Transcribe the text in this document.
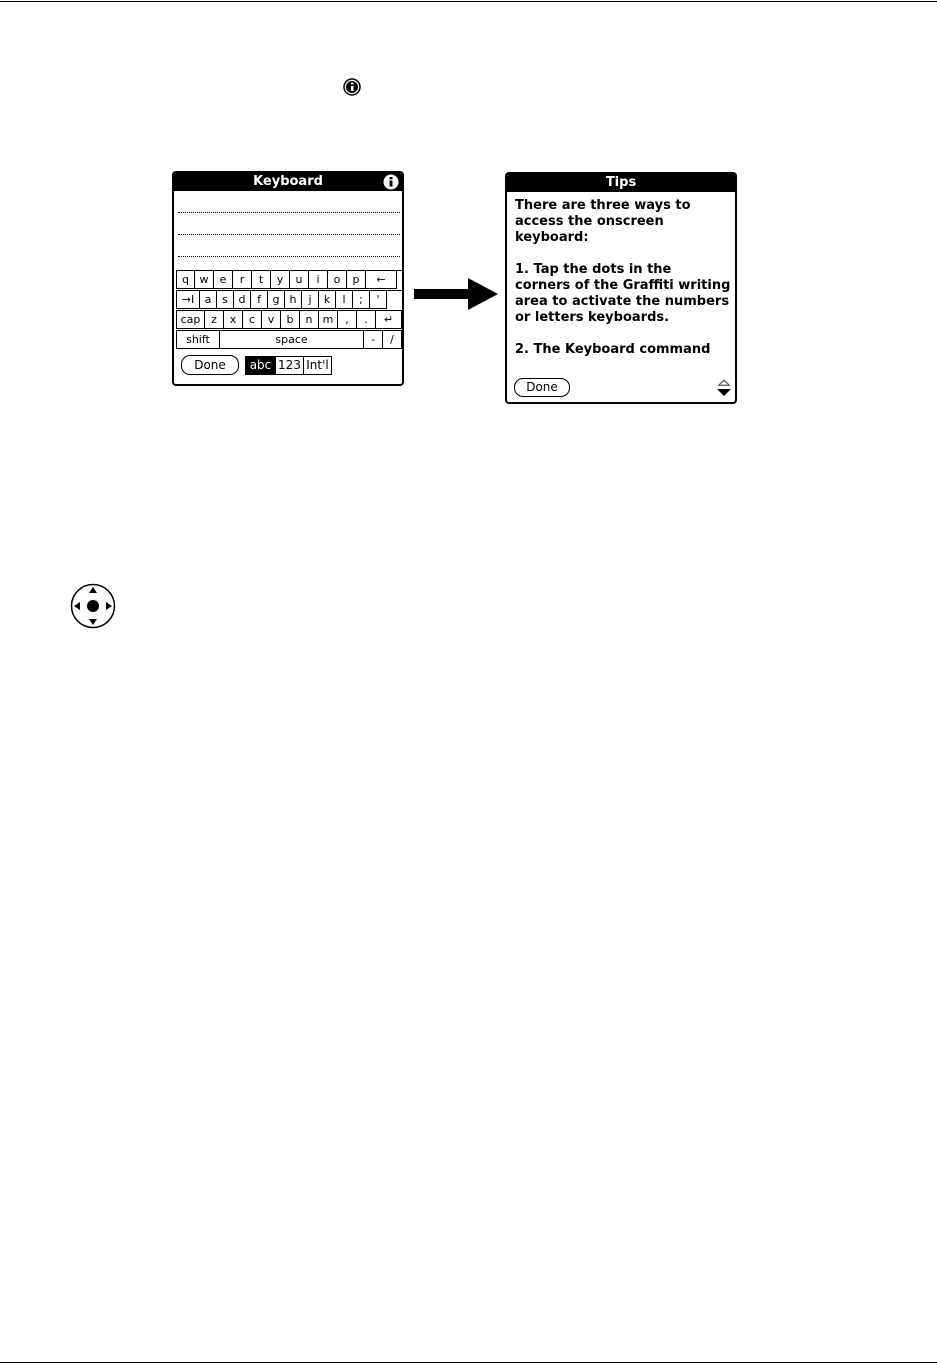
Keyboard
q w	e	r	t	y	u	i	o	p	←
→I a s d	f	g h	j	k	l	;	'
cap z	x	c	v	b	n m	,	.	↵
shift	space	-	/
Done	abc 123 Int'l
Tips
There are three ways to access the onscreen keyboard:

1. Tap the dots in the corners of the Graffiti writing area to activate the numbers or letters keyboards.

2. The Keyboard command
Done
